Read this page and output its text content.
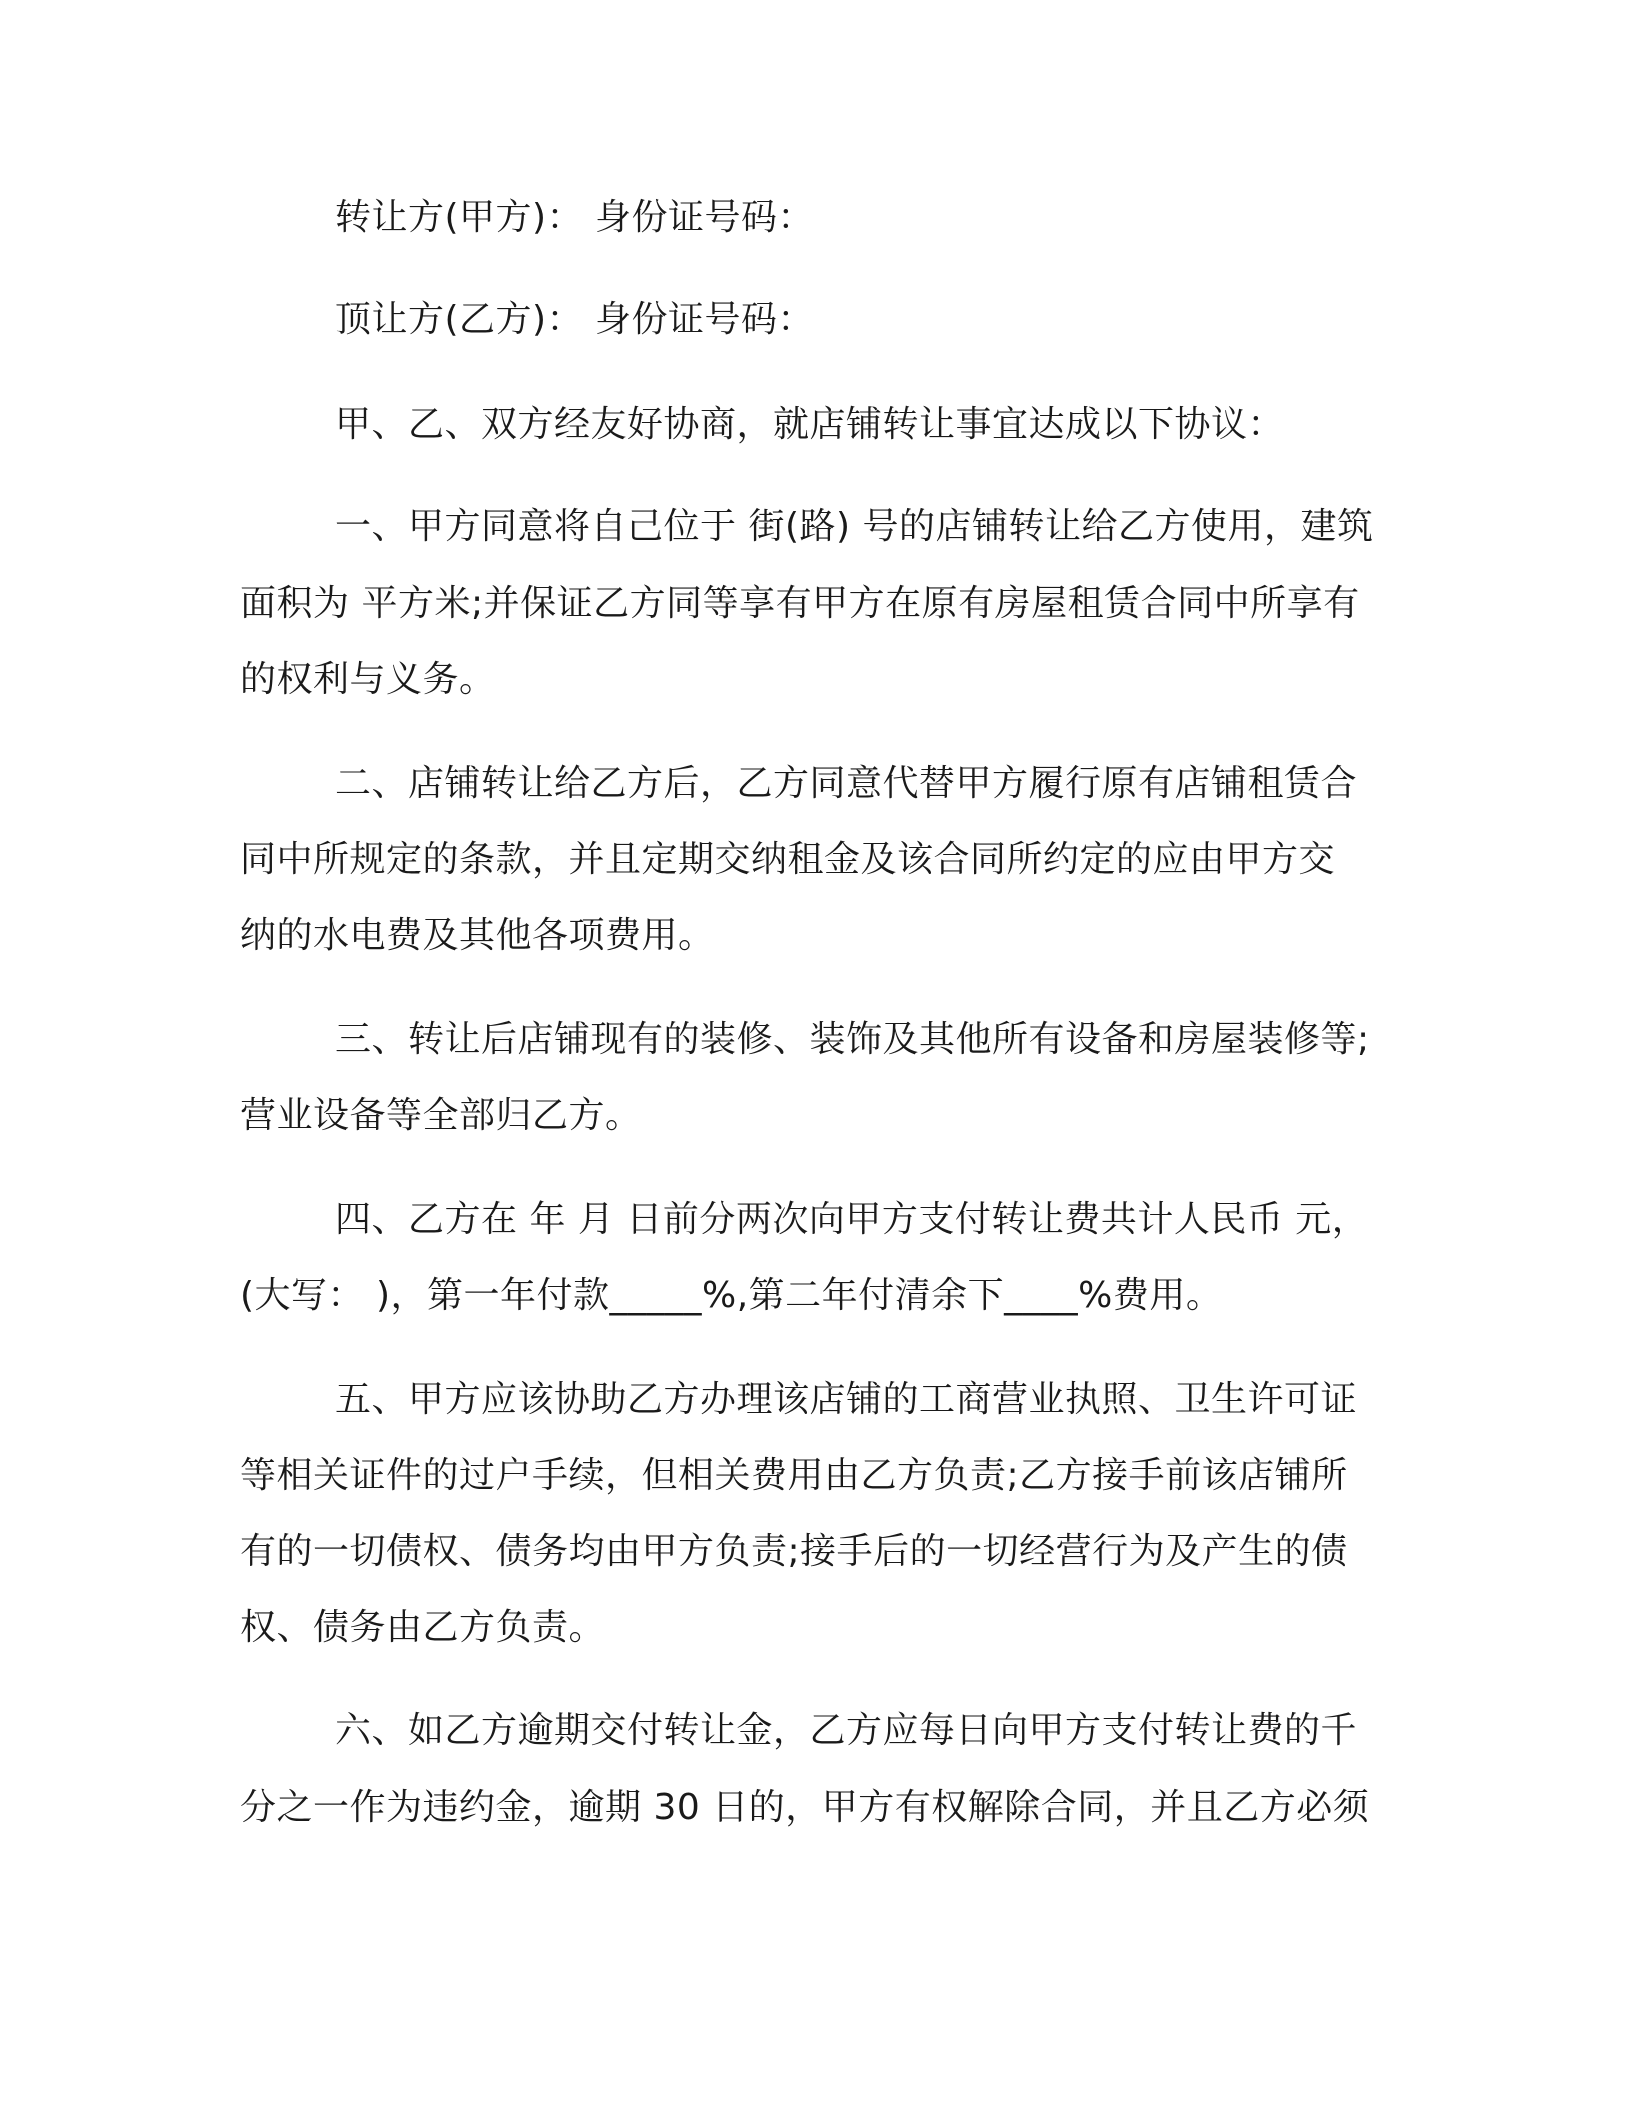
转让方(甲方)： 身份证号码：
顶让方(乙方)： 身份证号码：
甲、乙、双方经友好协商，就店铺转让事宜达成以下协议：
一、甲方同意将自己位于 街(路) 号的店铺转让给乙方使用，建筑
面积为 平方米;并保证乙方同等享有甲方在原有房屋租赁合同中所享有
的权利与义务。
二、店铺转让给乙方后，乙方同意代替甲方履行原有店铺租赁合
同中所规定的条款，并且定期交纳租金及该合同所约定的应由甲方交
纳的水电费及其他各项费用。
三、转让后店铺现有的装修、装饰及其他所有设备和房屋装修等;
营业设备等全部归乙方。
四、乙方在 年 月 日前分两次向甲方支付转让费共计人民币 元，
(大写： )，第一年付款_____%,第二年付清余下____%费用。
五、甲方应该协助乙方办理该店铺的工商营业执照、卫生许可证
等相关证件的过户手续，但相关费用由乙方负责;乙方接手前该店铺所
有的一切债权、债务均由甲方负责;接手后的一切经营行为及产生的债
权、债务由乙方负责。
六、如乙方逾期交付转让金，乙方应每日向甲方支付转让费的千
分之一作为违约金，逾期 30 日的，甲方有权解除合同，并且乙方必须
